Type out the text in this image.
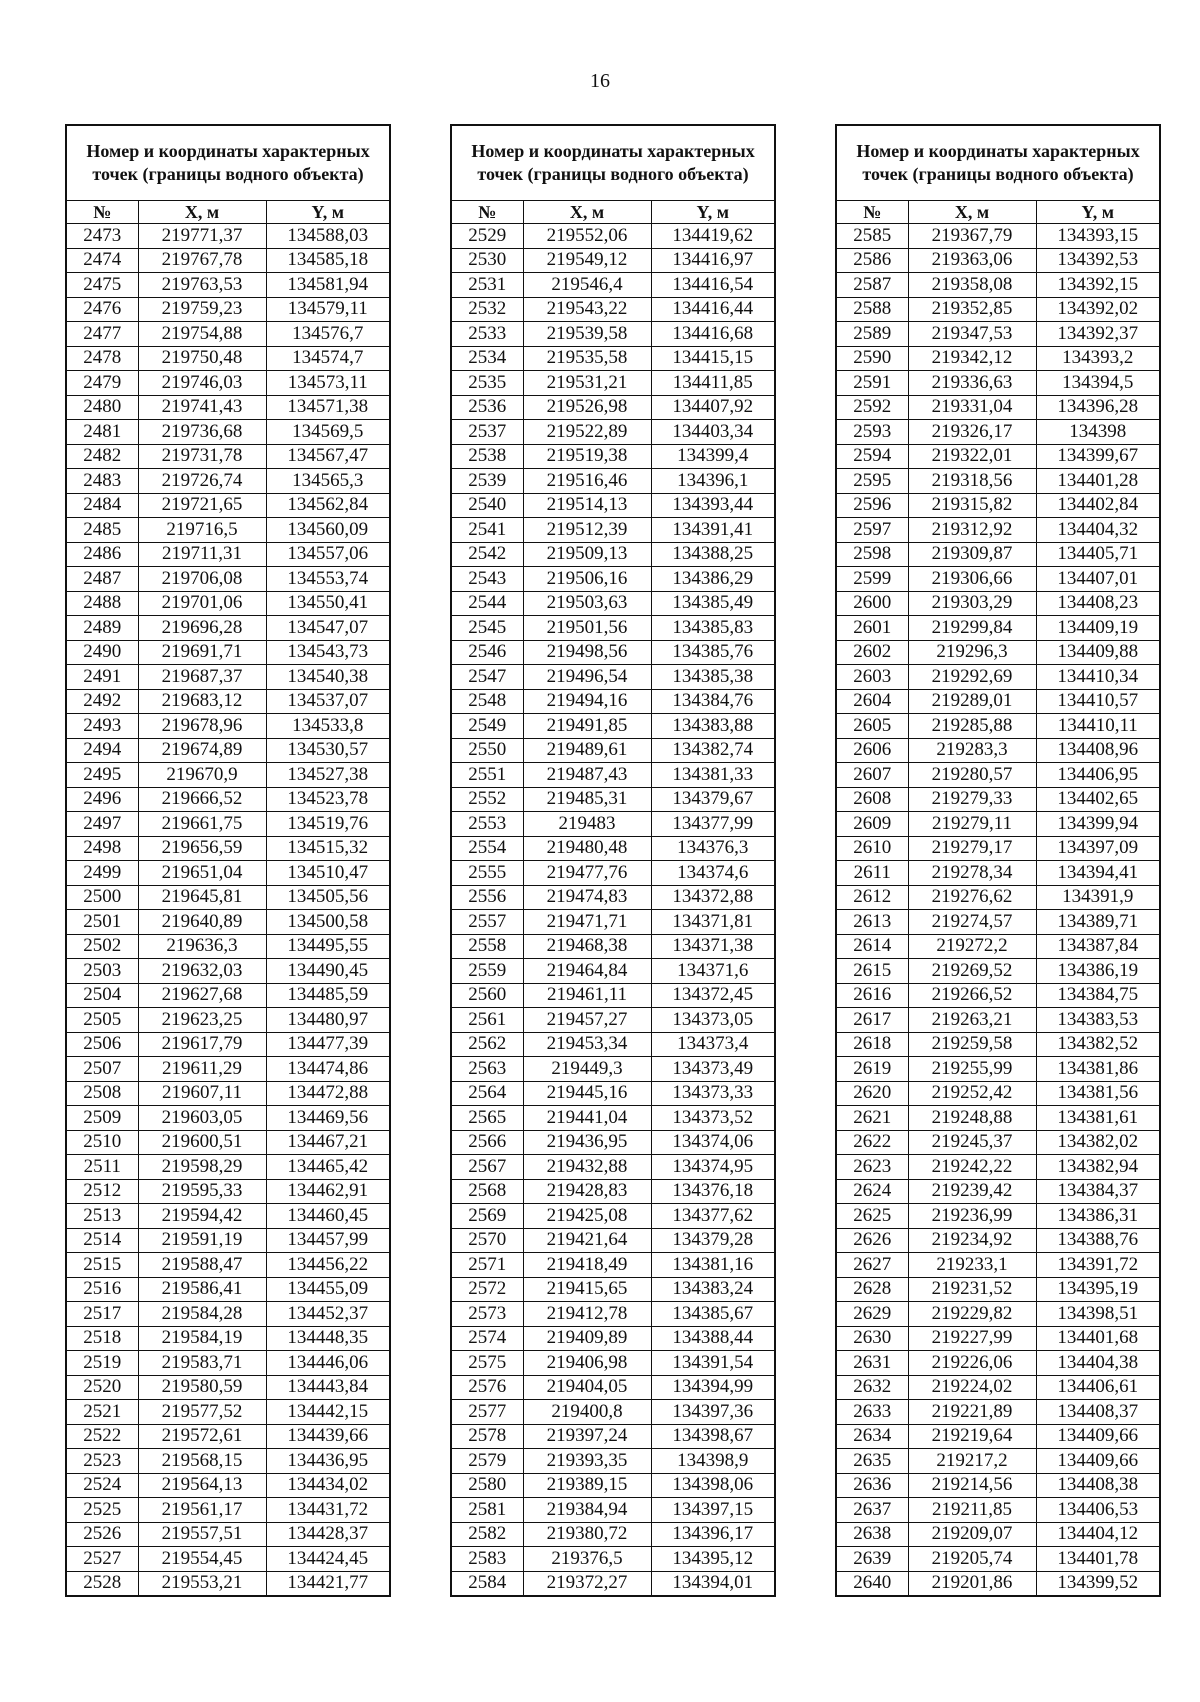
16
Номер и координаты характерных точек (границы водного объекта)		
№	X, м	Y, м
2473	219771,37	134588,03
2474	219767,78	134585,18
2475	219763,53	134581,94
2476	219759,23	134579,11
2477	219754,88	134576,7
2478	219750,48	134574,7
2479	219746,03	134573,11
2480	219741,43	134571,38
2481	219736,68	134569,5
2482	219731,78	134567,47
2483	219726,74	134565,3
2484	219721,65	134562,84
2485	219716,5	134560,09
2486	219711,31	134557,06
2487	219706,08	134553,74
2488	219701,06	134550,41
2489	219696,28	134547,07
2490	219691,71	134543,73
2491	219687,37	134540,38
2492	219683,12	134537,07
2493	219678,96	134533,8
2494	219674,89	134530,57
2495	219670,9	134527,38
2496	219666,52	134523,78
2497	219661,75	134519,76
2498	219656,59	134515,32
2499	219651,04	134510,47
2500	219645,81	134505,56
2501	219640,89	134500,58
2502	219636,3	134495,55
2503	219632,03	134490,45
2504	219627,68	134485,59
2505	219623,25	134480,97
2506	219617,79	134477,39
2507	219611,29	134474,86
2508	219607,11	134472,88
2509	219603,05	134469,56
2510	219600,51	134467,21
2511	219598,29	134465,42
2512	219595,33	134462,91
2513	219594,42	134460,45
2514	219591,19	134457,99
2515	219588,47	134456,22
2516	219586,41	134455,09
2517	219584,28	134452,37
2518	219584,19	134448,35
2519	219583,71	134446,06
2520	219580,59	134443,84
2521	219577,52	134442,15
2522	219572,61	134439,66
2523	219568,15	134436,95
2524	219564,13	134434,02
2525	219561,17	134431,72
2526	219557,51	134428,37
2527	219554,45	134424,45
2528	219553,21	134421,77
Номер и координаты характерных точек (границы водного объекта)		
№	X, м	Y, м
2529	219552,06	134419,62
2530	219549,12	134416,97
2531	219546,4	134416,54
2532	219543,22	134416,44
2533	219539,58	134416,68
2534	219535,58	134415,15
2535	219531,21	134411,85
2536	219526,98	134407,92
2537	219522,89	134403,34
2538	219519,38	134399,4
2539	219516,46	134396,1
2540	219514,13	134393,44
2541	219512,39	134391,41
2542	219509,13	134388,25
2543	219506,16	134386,29
2544	219503,63	134385,49
2545	219501,56	134385,83
2546	219498,56	134385,76
2547	219496,54	134385,38
2548	219494,16	134384,76
2549	219491,85	134383,88
2550	219489,61	134382,74
2551	219487,43	134381,33
2552	219485,31	134379,67
2553	219483	134377,99
2554	219480,48	134376,3
2555	219477,76	134374,6
2556	219474,83	134372,88
2557	219471,71	134371,81
2558	219468,38	134371,38
2559	219464,84	134371,6
2560	219461,11	134372,45
2561	219457,27	134373,05
2562	219453,34	134373,4
2563	219449,3	134373,49
2564	219445,16	134373,33
2565	219441,04	134373,52
2566	219436,95	134374,06
2567	219432,88	134374,95
2568	219428,83	134376,18
2569	219425,08	134377,62
2570	219421,64	134379,28
2571	219418,49	134381,16
2572	219415,65	134383,24
2573	219412,78	134385,67
2574	219409,89	134388,44
2575	219406,98	134391,54
2576	219404,05	134394,99
2577	219400,8	134397,36
2578	219397,24	134398,67
2579	219393,35	134398,9
2580	219389,15	134398,06
2581	219384,94	134397,15
2582	219380,72	134396,17
2583	219376,5	134395,12
2584	219372,27	134394,01
Номер и координаты характерных точек (границы водного объекта)		
№	X, м	Y, м
2585	219367,79	134393,15
2586	219363,06	134392,53
2587	219358,08	134392,15
2588	219352,85	134392,02
2589	219347,53	134392,37
2590	219342,12	134393,2
2591	219336,63	134394,5
2592	219331,04	134396,28
2593	219326,17	134398
2594	219322,01	134399,67
2595	219318,56	134401,28
2596	219315,82	134402,84
2597	219312,92	134404,32
2598	219309,87	134405,71
2599	219306,66	134407,01
2600	219303,29	134408,23
2601	219299,84	134409,19
2602	219296,3	134409,88
2603	219292,69	134410,34
2604	219289,01	134410,57
2605	219285,88	134410,11
2606	219283,3	134408,96
2607	219280,57	134406,95
2608	219279,33	134402,65
2609	219279,11	134399,94
2610	219279,17	134397,09
2611	219278,34	134394,41
2612	219276,62	134391,9
2613	219274,57	134389,71
2614	219272,2	134387,84
2615	219269,52	134386,19
2616	219266,52	134384,75
2617	219263,21	134383,53
2618	219259,58	134382,52
2619	219255,99	134381,86
2620	219252,42	134381,56
2621	219248,88	134381,61
2622	219245,37	134382,02
2623	219242,22	134382,94
2624	219239,42	134384,37
2625	219236,99	134386,31
2626	219234,92	134388,76
2627	219233,1	134391,72
2628	219231,52	134395,19
2629	219229,82	134398,51
2630	219227,99	134401,68
2631	219226,06	134404,38
2632	219224,02	134406,61
2633	219221,89	134408,37
2634	219219,64	134409,66
2635	219217,2	134409,66
2636	219214,56	134408,38
2637	219211,85	134406,53
2638	219209,07	134404,12
2639	219205,74	134401,78
2640	219201,86	134399,52
